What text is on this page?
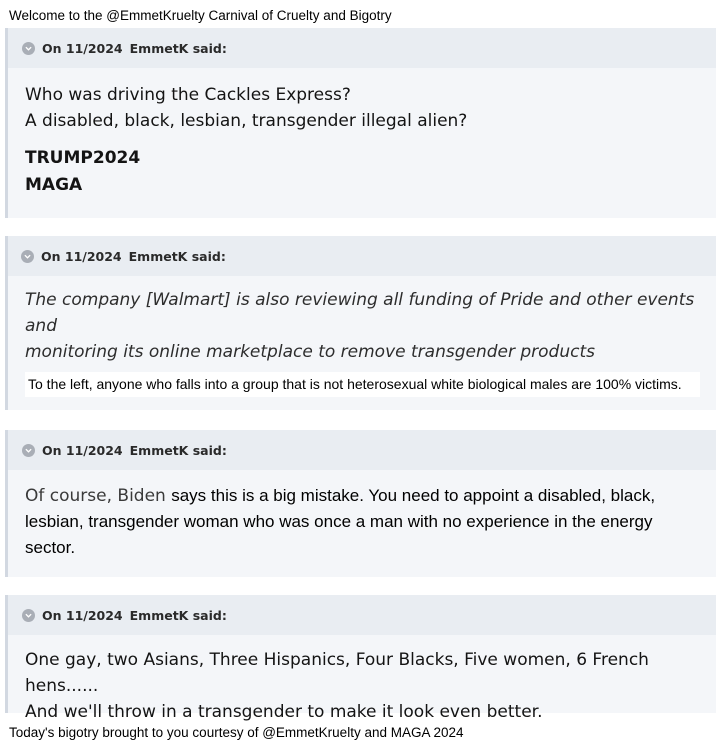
Welcome to the @EmmetKruelty Carnival of Cruelty and Bigotry
On 11/2024 EmmetK said:

Who was driving the Cackles Express?

A disabled, black, lesbian, transgender illegal alien?

TRUMP2024

MAGA

On 11/2024 EmmetK said:

The company [Walmart] is also reviewing all funding of Pride and other events and

monitoring its online marketplace to remove transgender products

To the left, anyone who falls into a group that is not heterosexual white biological males are 100% victims.
On 11/2024 EmmetK said:

Of course, Biden says this is a big mistake. You need to appoint a disabled, black,

lesbian, transgender woman who was once a man with no experience in the energy

sector.

On 11/2024 EmmetK said:

One gay, two Asians, Three Hispanics, Four Blacks, Five women, 6 French hens......

And we'll throw in a transgender to make it look even better.

Today's bigotry brought to you courtesy of @EmmetKruelty and MAGA 2024
